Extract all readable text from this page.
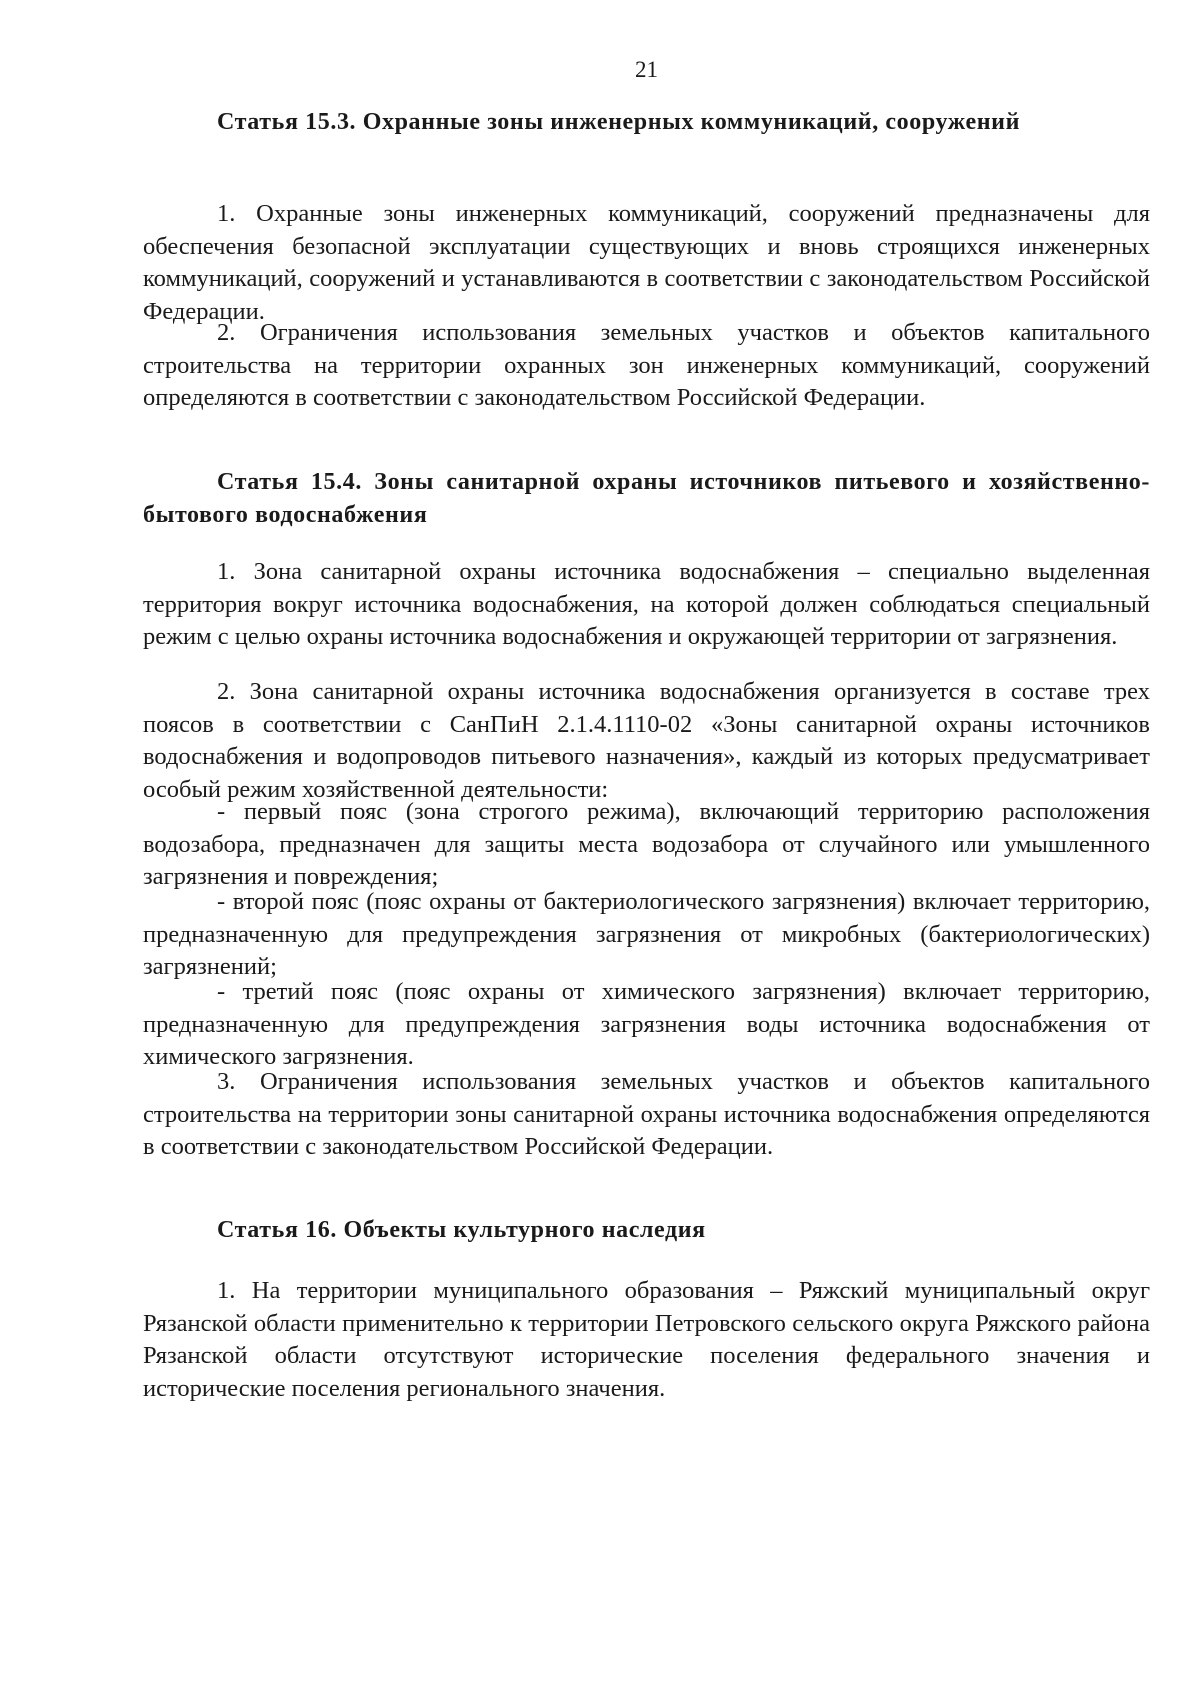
21
Статья 15.3. Охранные зоны инженерных коммуникаций, сооружений
1. Охранные зоны инженерных коммуникаций, сооружений предназначены для обеспечения безопасной эксплуатации существующих и вновь строящихся инженерных коммуникаций, сооружений и устанавливаются в соответствии с законодательством Российской Федерации.
2. Ограничения использования земельных участков и объектов капитального строительства на территории охранных зон инженерных коммуникаций, сооружений определяются в соответствии с законодательством Российской Федерации.
Статья 15.4. Зоны санитарной охраны источников питьевого и хозяйственно-бытового водоснабжения
1. Зона санитарной охраны источника водоснабжения – специально выделенная территория вокруг источника водоснабжения, на которой должен соблюдаться специальный режим с целью охраны источника водоснабжения и окружающей территории от загрязнения.
2. Зона санитарной охраны источника водоснабжения организуется в составе трех поясов в соответствии с СанПиН 2.1.4.1110-02 «Зоны санитарной охраны источников водоснабжения и водопроводов питьевого назначения», каждый из которых предусматривает особый режим хозяйственной деятельности:
- первый пояс (зона строгого режима), включающий территорию расположения водозабора, предназначен для защиты места водозабора от случайного или умышленного загрязнения и повреждения;
- второй пояс (пояс охраны от бактериологического загрязнения) включает территорию, предназначенную для предупреждения загрязнения от микробных (бактериологических) загрязнений;
- третий пояс (пояс охраны от химического загрязнения) включает территорию, предназначенную для предупреждения загрязнения воды источника водоснабжения от химического загрязнения.
3. Ограничения использования земельных участков и объектов капитального строительства на территории зоны санитарной охраны источника водоснабжения определяются в соответствии с законодательством Российской Федерации.
Статья 16. Объекты культурного наследия
1. На территории муниципального образования – Ряжский муниципальный округ Рязанской области применительно к территории Петровского сельского округа Ряжского района Рязанской области отсутствуют исторические поселения федерального значения и исторические поселения регионального значения.
